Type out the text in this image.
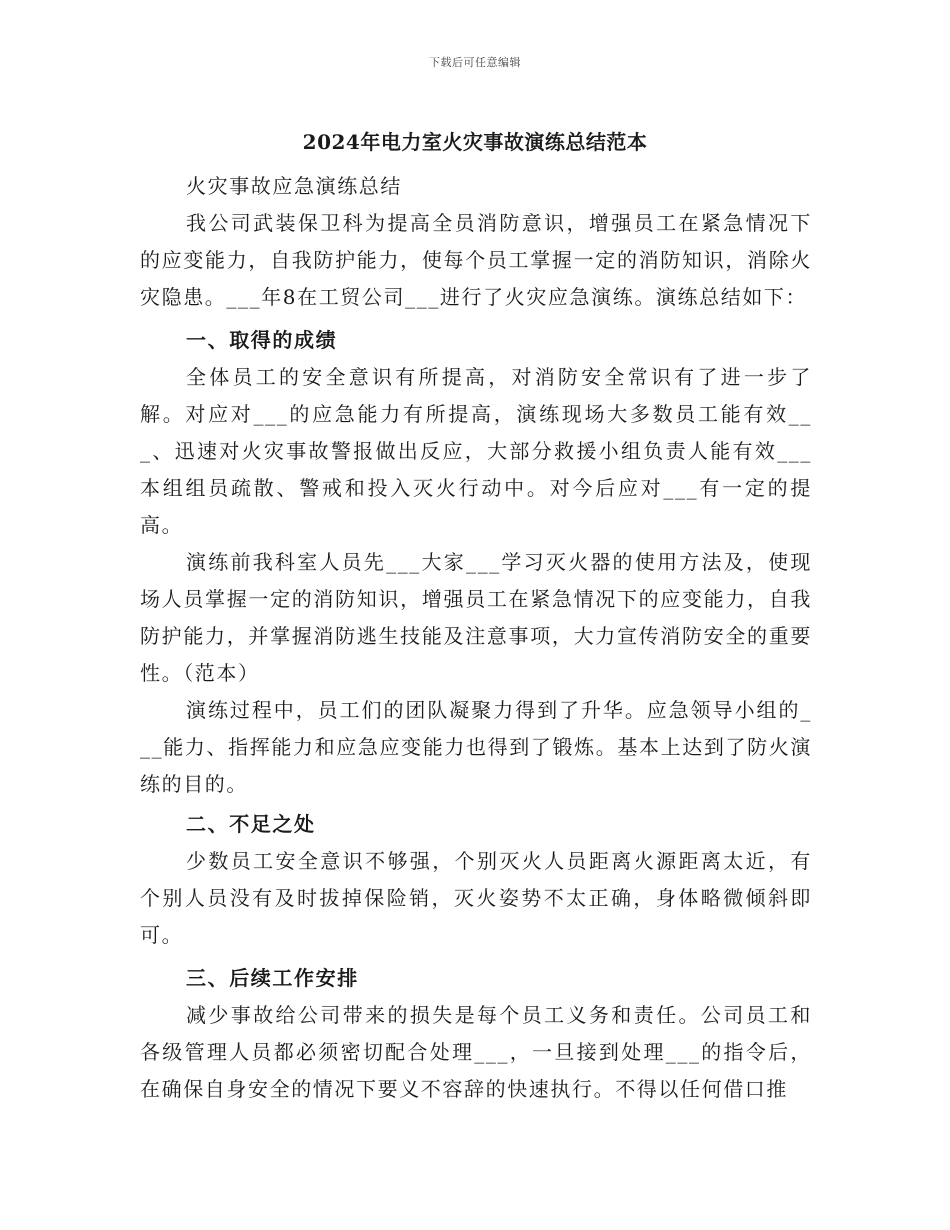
下载后可任意编辑
2024年电力室火灾事故演练总结范本

火灾事故应急演练总结

我公司武装保卫科为提高全员消防意识，增强员工在紧急情况下的应变能力，自我防护能力，使每个员工掌握一定的消防知识，消除火灾隐患。___年8在工贸公司___进行了火灾应急演练。演练总结如下：

一、取得的成绩

全体员工的安全意识有所提高，对消防安全常识有了进一步了解。对应对___的应急能力有所提高，演练现场大多数员工能有效___、迅速对火灾事故警报做出反应，大部分救援小组负责人能有效___本组组员疏散、警戒和投入灭火行动中。对今后应对___有一定的提高。

演练前我科室人员先___大家___学习灭火器的使用方法及，使现场人员掌握一定的消防知识，增强员工在紧急情况下的应变能力，自我防护能力，并掌握消防逃生技能及注意事项，大力宣传消防安全的重要性。（范本）

演练过程中，员工们的团队凝聚力得到了升华。应急领导小组的___能力、指挥能力和应急应变能力也得到了锻炼。基本上达到了防火演练的目的。

二、不足之处

少数员工安全意识不够强，个别灭火人员距离火源距离太近，有个别人员没有及时拔掉保险销，灭火姿势不太正确，身体略微倾斜即可。

三、后续工作安排

减少事故给公司带来的损失是每个员工义务和责任。公司员工和各级管理人员都必须密切配合处理___，一旦接到处理___的指令后，在确保自身安全的情况下要义不容辞的快速执行。不得以任何借口推
